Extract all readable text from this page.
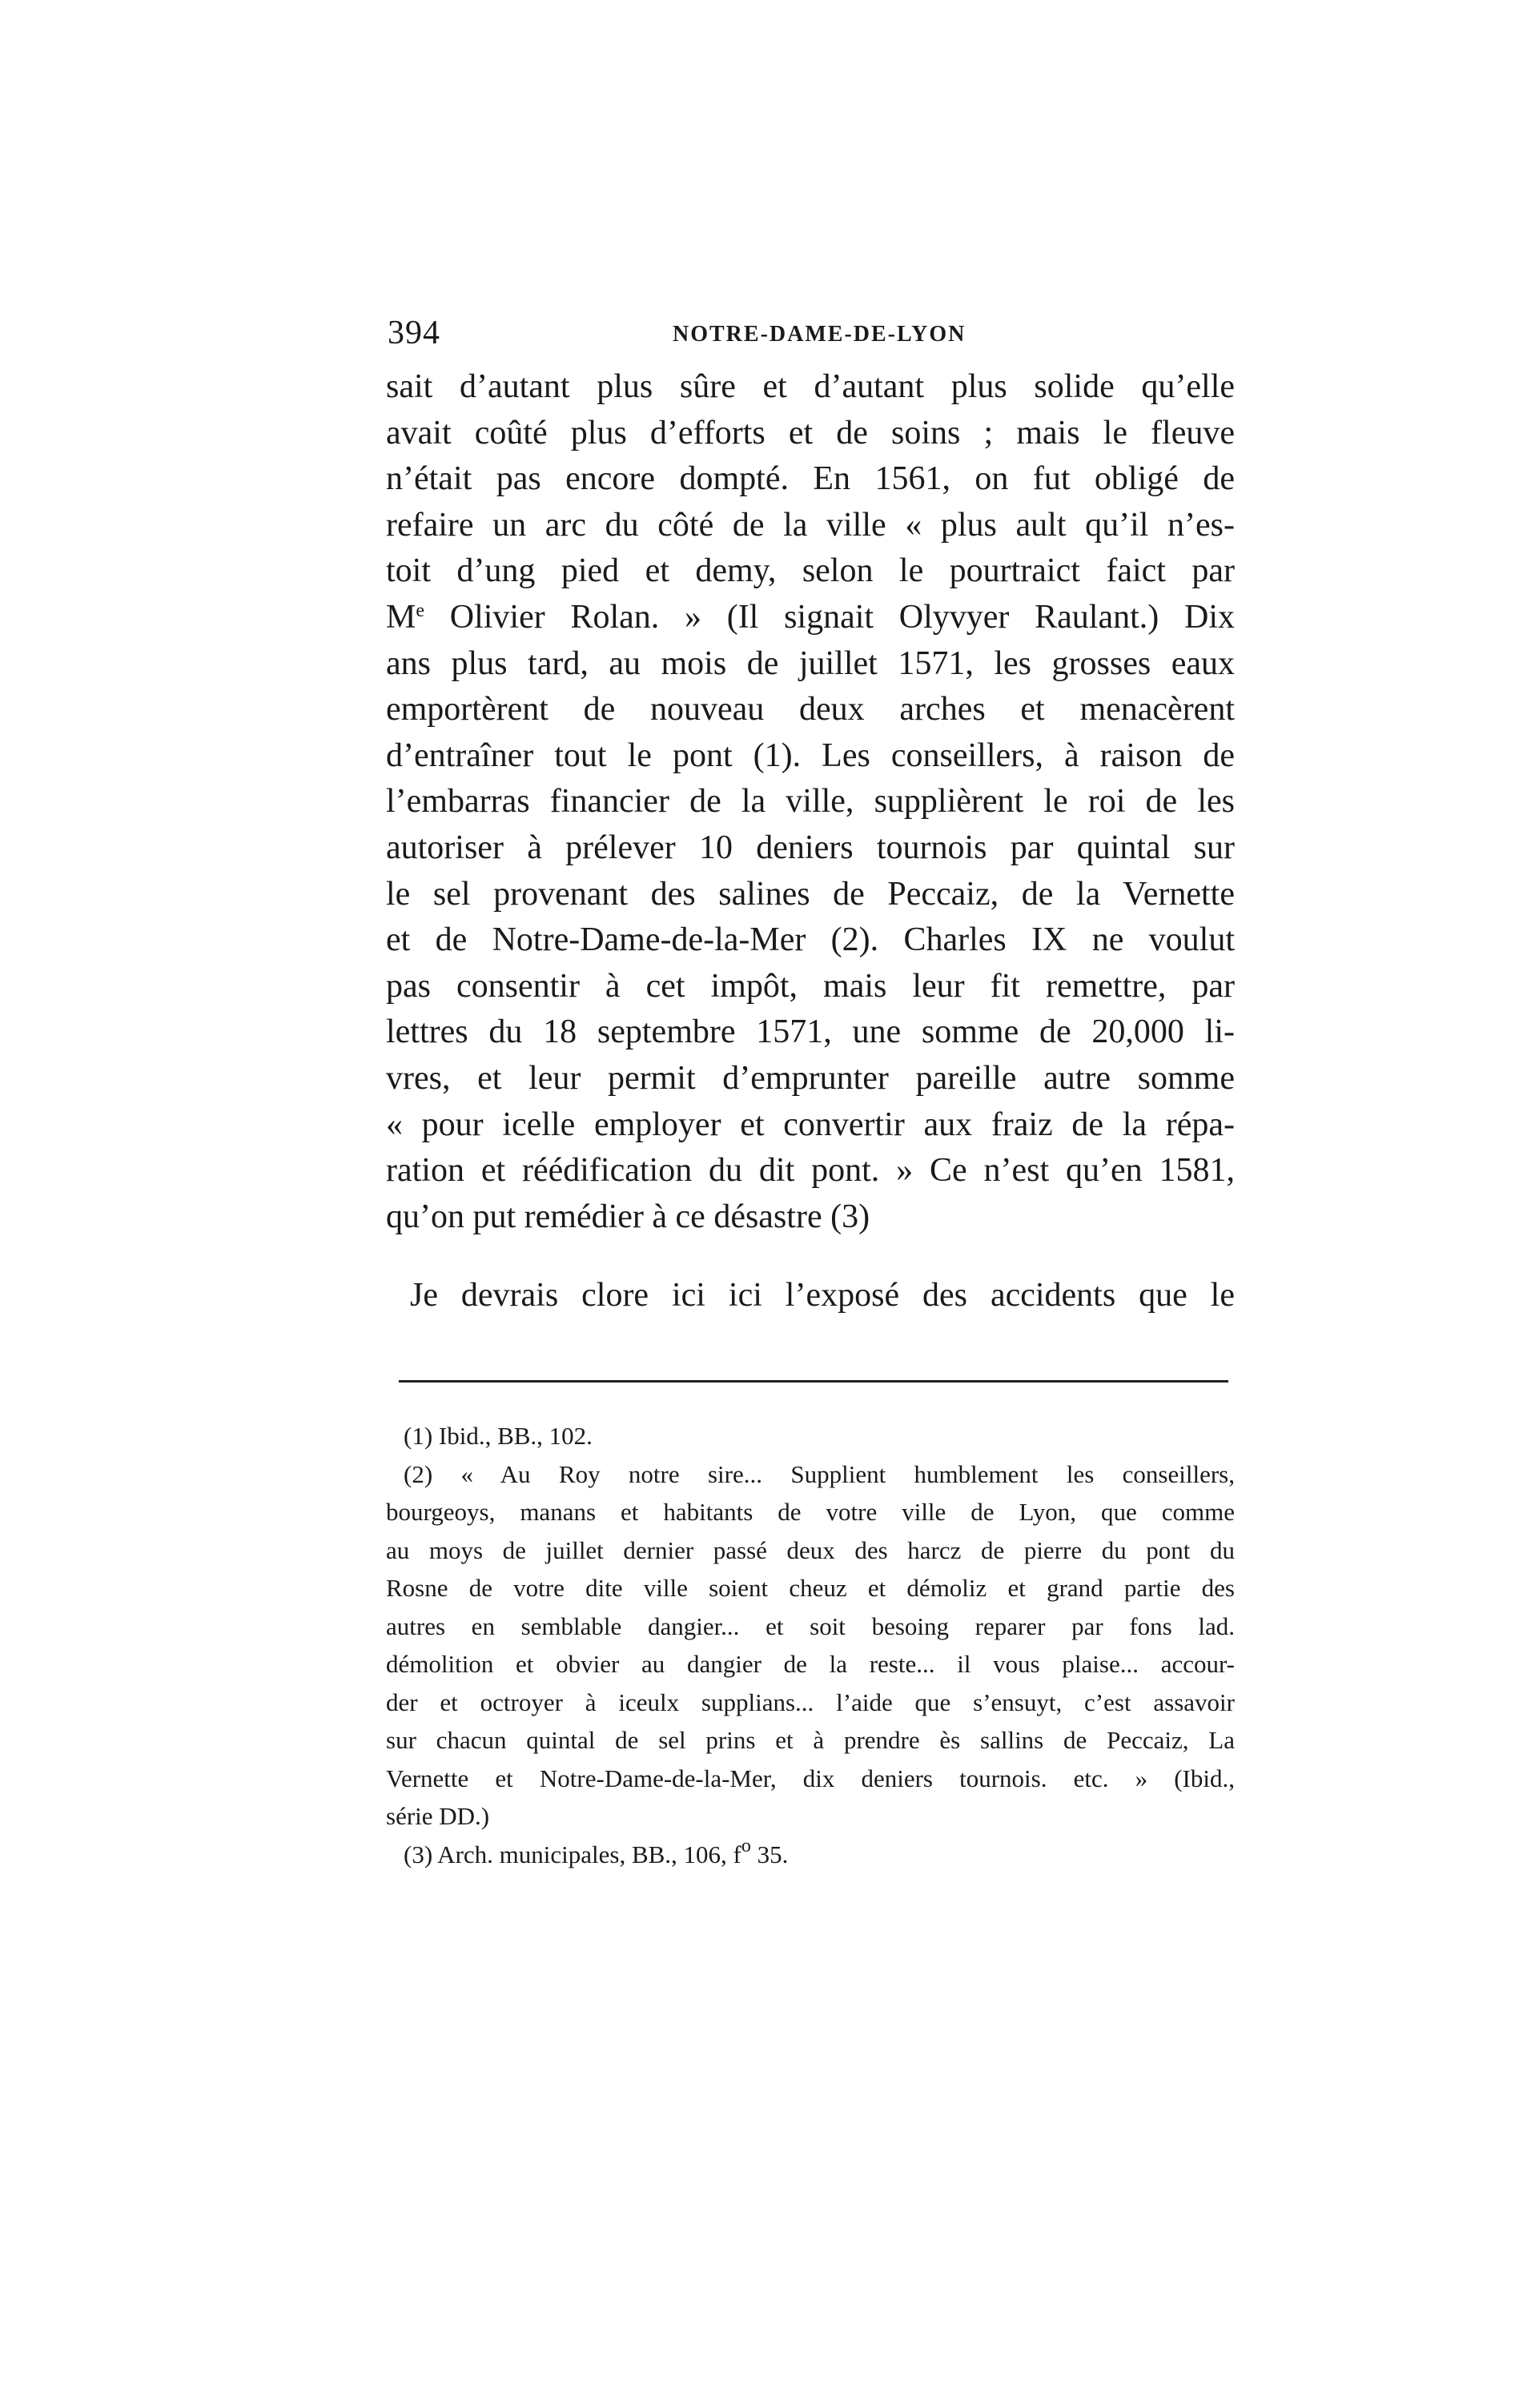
394	NOTRE-DAME-DE-LYON
sait d’autant plus sûre et d’autant plus solide qu’elle
avait coûté plus d’efforts et de soins ; mais le fleuve
n’était pas encore dompté. En 1561, on fut obligé de
refaire un arc du côté de la ville « plus ault qu’il n’es-
toit d’ung pied et demy, selon le pourtraict faict par
Me Olivier Rolan. » (Il signait Olyvyer Raulant.) Dix
ans plus tard, au mois de juillet 1571, les grosses eaux
emportèrent de nouveau deux arches et menacèrent
d’entraîner tout le pont (1). Les conseillers, à raison de
l’embarras financier de la ville, supplièrent le roi de les
autoriser à prélever 10 deniers tournois par quintal sur
le sel provenant des salines de Peccaiz, de la Vernette
et de Notre-Dame-de-la-Mer (2). Charles IX ne voulut
pas consentir à cet impôt, mais leur fit remettre, par
lettres du 18 septembre 1571, une somme de 20,000 li-
vres, et leur permit d’emprunter pareille autre somme
« pour icelle employer et convertir aux fraiz de la répa-
ration et réédification du dit pont. » Ce n’est qu’en 1581,
qu’on put remédier à ce désastre (3)
Je devrais clore ici ici l’exposé des accidents que le
(1) Ibid., BB., 102.
(2) « Au Roy notre sire... Supplient humblement les conseillers,
bourgeoys, manans et habitants de votre ville de Lyon, que comme
au moys de juillet dernier passé deux des harcz de pierre du pont du
Rosne de votre dite ville soient cheuz et démoliz et grand partie des
autres en semblable dangier... et soit besoing reparer par fons lad.
démolition et obvier au dangier de la reste... il vous plaise... accour-
der et octroyer à iceulx supplians... l’aide que s’ensuyt, c’est assavoir
sur chacun quintal de sel prins et à prendre ès sallins de Peccaiz, La
Vernette et Notre-Dame-de-la-Mer, dix deniers tournois. etc. » (Ibid.,
série DD.)
(3) Arch. municipales, BB., 106, $f^o$ 35.
